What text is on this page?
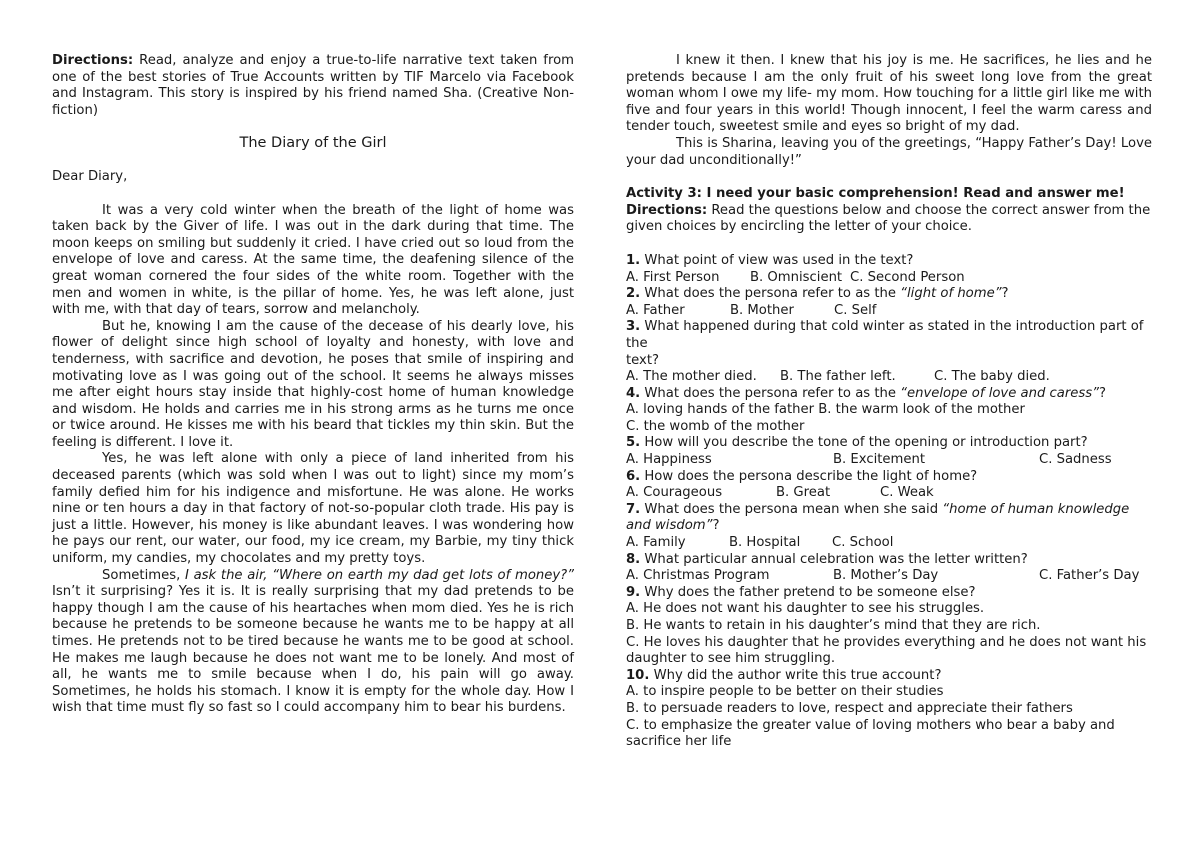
Directions: Read, analyze and enjoy a true-to-life narrative text taken from one of the best stories of True Accounts written by TIF Marcelo via Facebook and Instagram. This story is inspired by his friend named Sha. (Creative Non-fiction)

The Diary of the Girl

Dear Diary,

It was a very cold winter when the breath of the light of home was taken back by the Giver of life. I was out in the dark during that time. The moon keeps on smiling but suddenly it cried. I have cried out so loud from the envelope of love and caress. At the same time, the deafening silence of the great woman cornered the four sides of the white room. Together with the men and women in white, is the pillar of home. Yes, he was left alone, just with me, with that day of tears, sorrow and melancholy.

But he, knowing I am the cause of the decease of his dearly love, his flower of delight since high school of loyalty and honesty, with love and tenderness, with sacrifice and devotion, he poses that smile of inspiring and motivating love as I was going out of the school. It seems he always misses me after eight hours stay inside that highly-cost home of human knowledge and wisdom. He holds and carries me in his strong arms as he turns me once or twice around. He kisses me with his beard that tickles my thin skin. But the feeling is different. I love it.

Yes, he was left alone with only a piece of land inherited from his deceased parents (which was sold when I was out to light) since my mom’s family defied him for his indigence and misfortune. He was alone. He works nine or ten hours a day in that factory of not-so-popular cloth trade. His pay is just a little. However, his money is like abundant leaves. I was wondering how he pays our rent, our water, our food, my ice cream, my Barbie, my tiny thick uniform, my candies, my chocolates and my pretty toys.

Sometimes, I ask the air, “Where on earth my dad get lots of money?” Isn’t it surprising? Yes it is. It is really surprising that my dad pretends to be happy though I am the cause of his heartaches when mom died. Yes he is rich because he pretends to be someone because he wants me to be happy at all times. He pretends not to be tired because he wants me to be good at school. He makes me laugh because he does not want me to be lonely. And most of all, he wants me to smile because when I do, his pain will go away. Sometimes, he holds his stomach. I know it is empty for the whole day. How I wish that time must fly so fast so I could accompany him to bear his burdens.

I knew it then. I knew that his joy is me. He sacrifices, he lies and he pretends because I am the only fruit of his sweet long love from the great woman whom I owe my life- my mom. How touching for a little girl like me with five and four years in this world! Though innocent, I feel the warm caress and tender touch, sweetest smile and eyes so bright of my dad.

This is Sharina, leaving you of the greetings, “Happy Father’s Day! Love your dad unconditionally!”

Activity 3: I need your basic comprehension! Read and answer me!

Directions: Read the questions below and choose the correct answer from the given choices by encircling the letter of your choice.

1. What point of view was used in the text?

A. First Person B. Omniscient C. Second Person

2. What does the persona refer to as the “light of home”?

A. Father	B. Mother	C. Self

3. What happened during that cold winter as stated in the introduction part of the

text?

A. The mother died. B. The father left.	C. The baby died.

4. What does the persona refer to as the “envelope of love and caress”?

A. loving hands of the father B. the warm look of the mother

C. the womb of the mother

5. How will you describe the tone of the opening or introduction part?

A. Happiness	B. Excitement	C. Sadness

6. How does the persona describe the light of home?

A. Courageous	B. Great	C. Weak

7. What does the persona mean when she said “home of human knowledge and wisdom”?

A. Family	B. Hospital C. School

8. What particular annual celebration was the letter written?

A. Christmas Program	B. Mother’s Day	C. Father’s Day

9. Why does the father pretend to be someone else?

A. He does not want his daughter to see his struggles.

B. He wants to retain in his daughter’s mind that they are rich.

C. He loves his daughter that he provides everything and he does not want his daughter to see him struggling.

10. Why did the author write this true account?

A. to inspire people to be better on their studies

B. to persuade readers to love, respect and appreciate their fathers

C. to emphasize the greater value of loving mothers who bear a baby and sacrifice her life
